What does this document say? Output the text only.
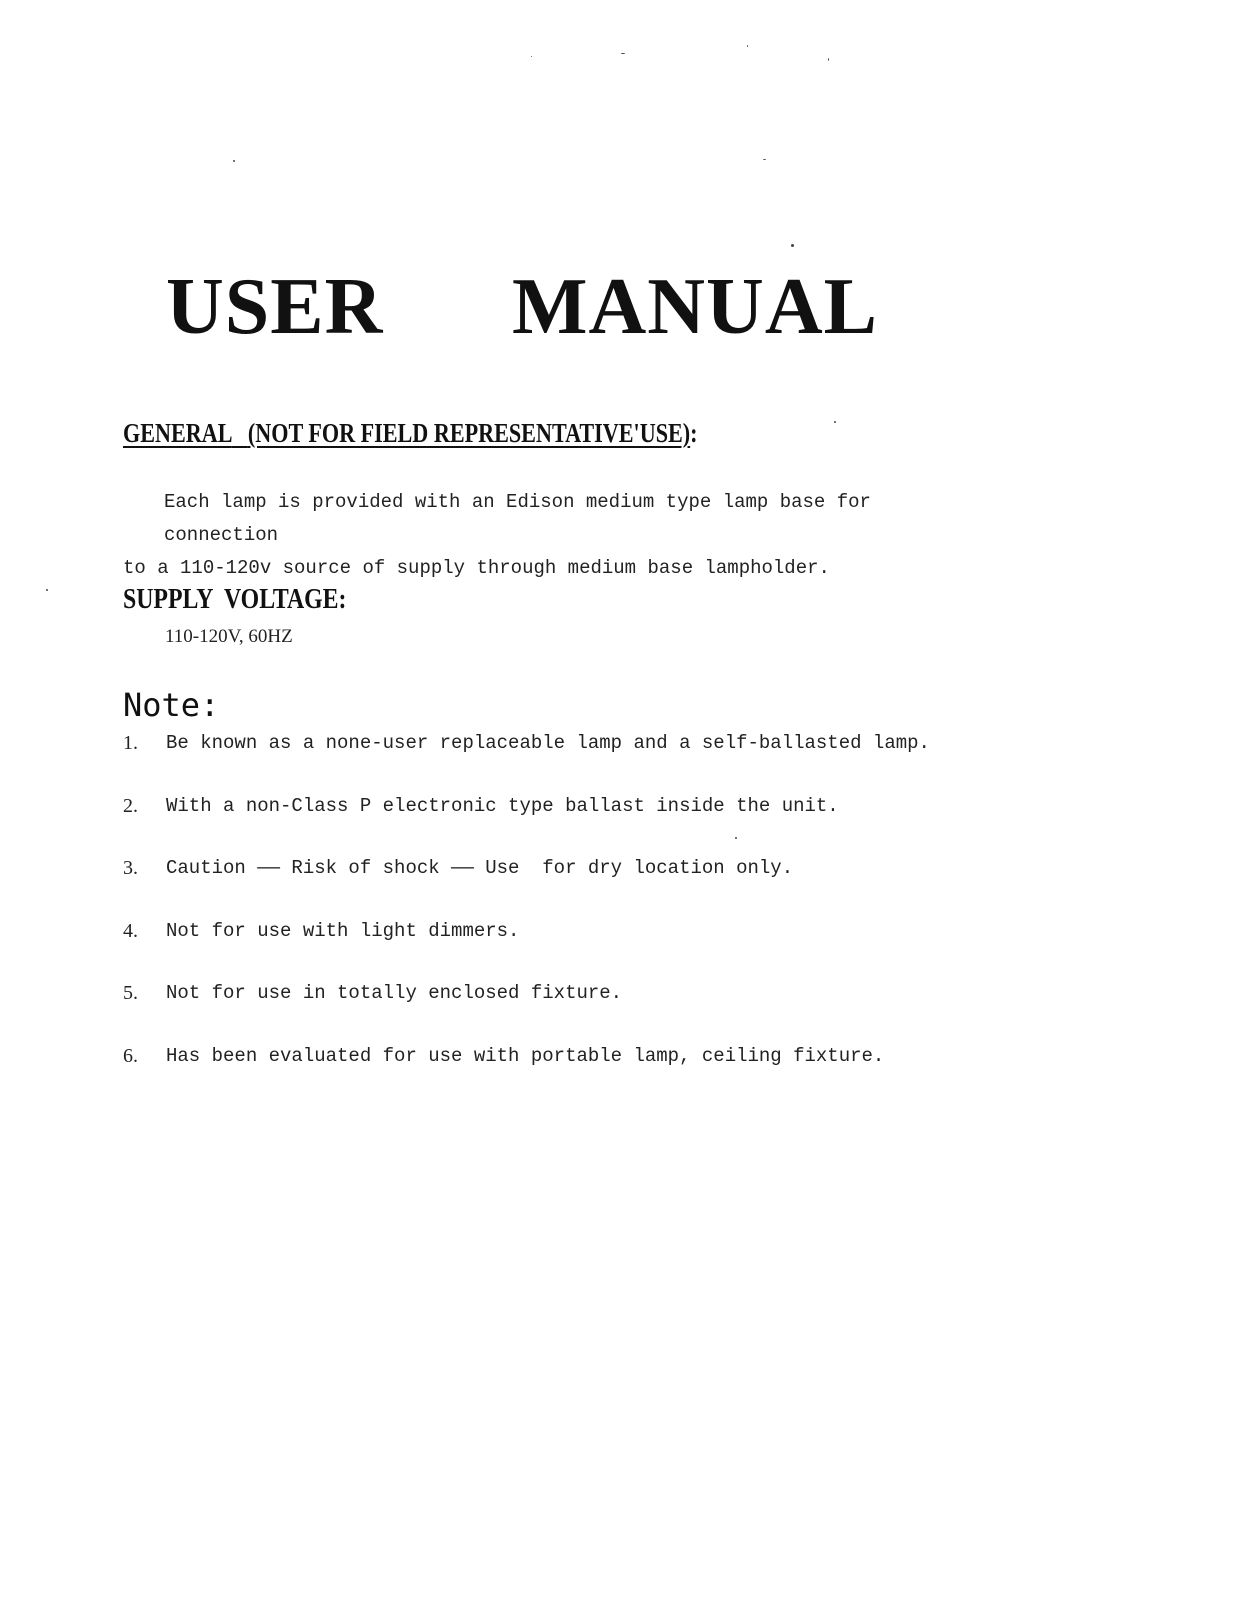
USER MANUAL
GENERAL (NOT FOR FIELD REPRESENTATIVE'USE):
Each lamp is provided with an Edison medium type lamp base for connection
to a 110-120v source of supply through medium base lampholder.
SUPPLY  VOLTAGE:
110-120V, 60HZ
Note:
1. Be known as a none-user replaceable lamp and a self-ballasted lamp.
2. With a non-Class P electronic type ballast inside the unit.
3. Caution —— Risk of shock —— Use  for dry location only.
4. Not for use with light dimmers.
5. Not for use in totally enclosed fixture.
6. Has been evaluated for use with portable lamp, ceiling fixture.
